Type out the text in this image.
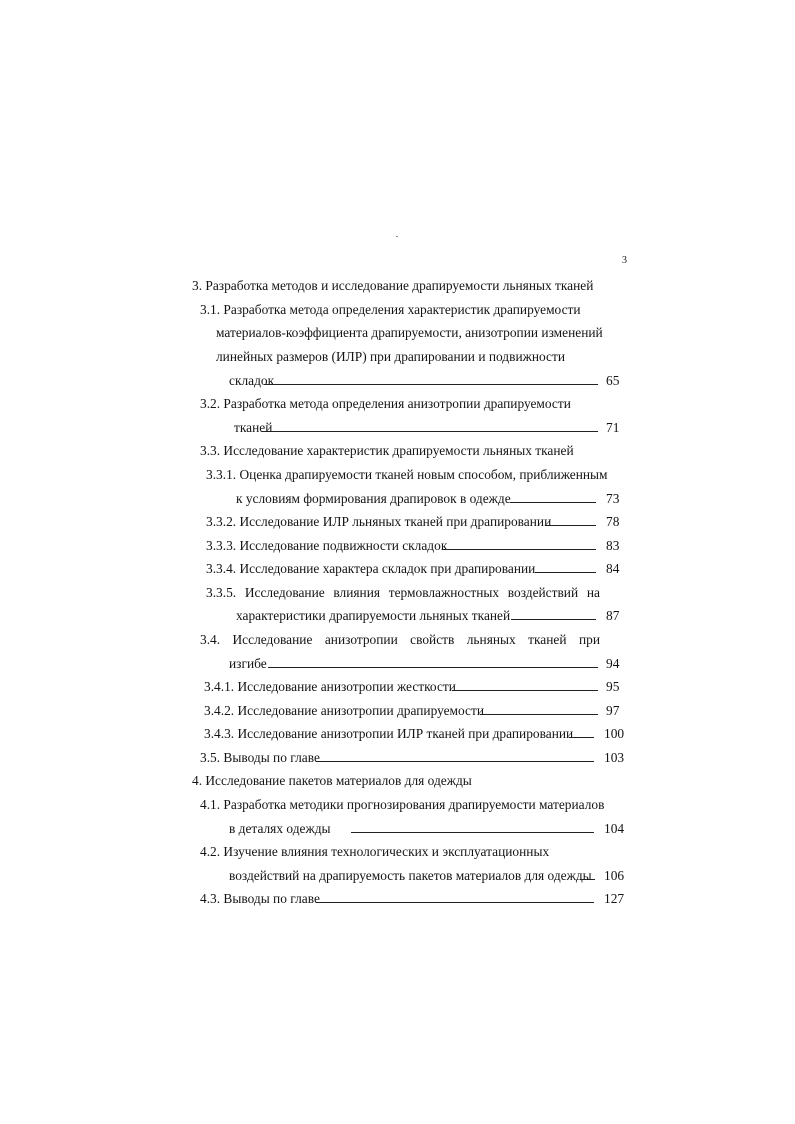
3
3. Разработка методов и исследование драпируемости льняных тканей
3.1. Разработка метода определения характеристик драпируемости
материалов-коэффициента драпируемости, анизотропии изменений
линейных размеров (ИЛР) при драпировании и подвижности
складок	65
3.2. Разработка метода определения анизотропии драпируемости
тканей	71
3.3. Исследование характеристик драпируемости льняных тканей
3.3.1. Оценка драпируемости тканей новым способом, приближенным
к условиям формирования драпировок в одежде	73
3.3.2. Исследование ИЛР льняных тканей при драпировании	78
3.3.3. Исследование подвижности складок	83
3.3.4. Исследование характера складок при драпировании	84
3.3.5. Исследование влияния термовлажностных воздействий на
характеристики драпируемости льняных тканей	87
3.4. Исследование анизотропии свойств льняных тканей при
изгибе	94
3.4.1. Исследование анизотропии жесткости	95
3.4.2. Исследование анизотропии драпируемости	97
3.4.3. Исследование анизотропии ИЛР тканей при драпировании 100
3.5. Выводы по главе	103
4. Исследование пакетов материалов для одежды
4.1. Разработка методики прогнозирования драпируемости материалов
в деталях одежды	104
4.2. Изучение влияния технологических и эксплуатационных
воздействий на драпируемость пакетов материалов для одежды 106
4.3. Выводы по главе	127
